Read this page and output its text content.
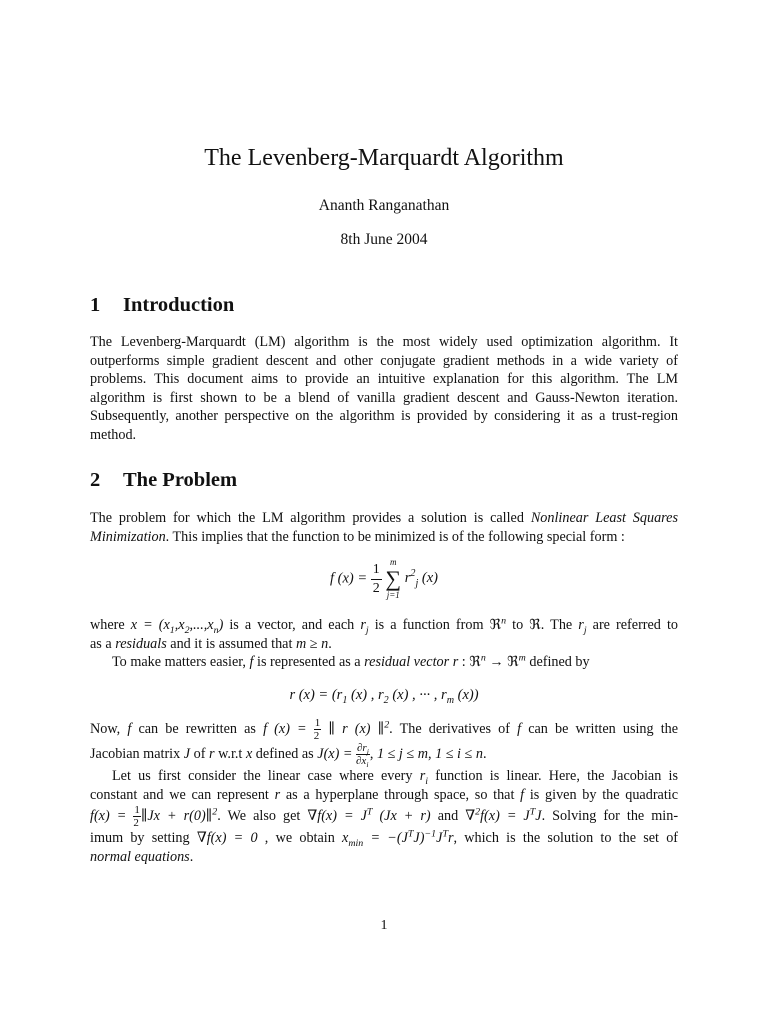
The Levenberg-Marquardt Algorithm
Ananth Ranganathan
8th June 2004
1 Introduction
The Levenberg-Marquardt (LM) algorithm is the most widely used optimization algorithm. It
outperforms simple gradient descent and other conjugate gradient methods in a wide variety of
problems. This document aims to provide an intuitive explanation for this algorithm. The LM
algorithm is first shown to be a blend of vanilla gradient descent and Gauss-Newton iteration.
Subsequently, another perspective on the algorithm is provided by considering it as a trust-region
method.
2 The Problem
The problem for which the LM algorithm provides a solution is called Nonlinear Least Squares
Minimization. This implies that the function to be minimized is of the following special form :
f $(x) = \frac{1}{2}$ m
∑
j=1
$r^2_j$ (x)
where $x = (x_1,x_2,...,x_n)$ is a vector, and each $r_j$ is a function from ℜ$^n$ to ℜ. The $r_j$ are referred to
as a residuals and it is assumed that m ≥ n.
To make matters easier, f is represented as a residual vector r : ℜ$^n$ → ℜ$^m$ defined by
r $(x) = (r_1$ (x) , $r_2$ (x) , ··· , $r_m$ (x))
Now, f can be rewritten as f $(x) = \frac{1}{2}$ ∥ r (x) ∥$^2$. The derivatives of f can be written using the
Jacobian matrix J of r w.r.t x defined as $J(x) = \frac{\partial r_j}{\partial x_i}$ , 1 ≤ j ≤ m, 1 ≤ i ≤ n.
Let us first consider the linear case where every $r_i$ function is linear. Here, the Jacobian is
constant and we can represent r as a hyperplane through space, so that f is given by the quadratic
$f(x) = \frac{1}{2}$ ∥Jx + r(0)∥$^2$. We also get $\nabla f(x) = J^T$ (Jx + r) and $\nabla^2f(x) = J^TJ$. Solving for the min-
imum by setting ∇f(x) = 0 , we obtain $x_{min} = -(J^TJ)^{-1}J^Tr$, which is the solution to the set of
normal equations.
1
